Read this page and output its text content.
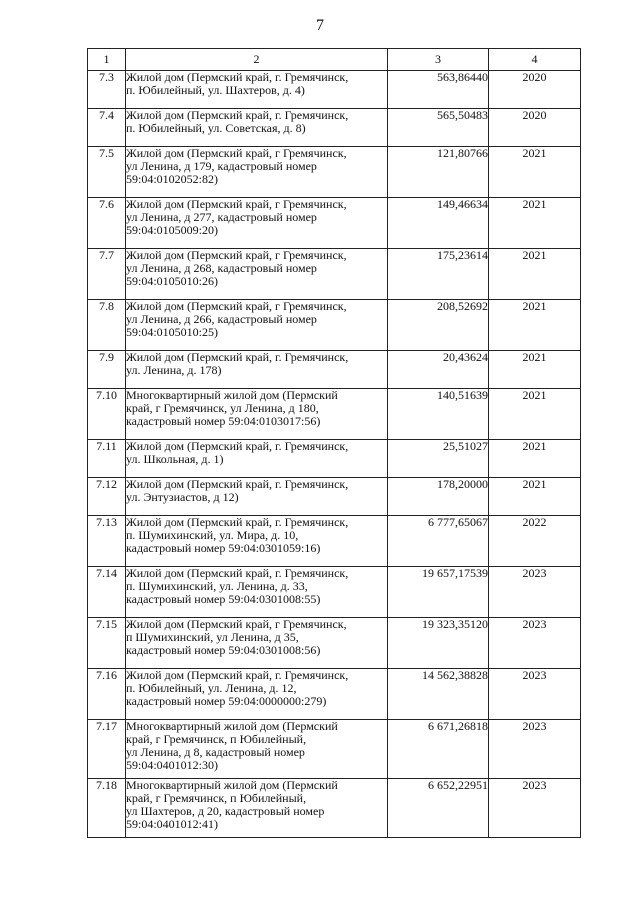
7
1	2	3	4
7.3	Жилой дом (Пермский край, г. Гремячинск,
п. Юбилейный, ул. Шахтеров, д. 4)	563,86440	2020
7.4	Жилой дом (Пермский край, г. Гремячинск,
п. Юбилейный, ул. Советская, д. 8)	565,50483	2020
7.5	Жилой дом (Пермский край, г Гремячинск,
ул Ленина, д 179, кадастровый номер
59:04:0102052:82)	121,80766	2021
7.6	Жилой дом (Пермский край, г Гремячинск,
ул Ленина, д 277, кадастровый номер
59:04:0105009:20)	149,46634	2021
7.7	Жилой дом (Пермский край, г Гремячинск,
ул Ленина, д 268, кадастровый номер
59:04:0105010:26)	175,23614	2021
7.8	Жилой дом (Пермский край, г Гремячинск,
ул Ленина, д 266, кадастровый номер
59:04:0105010:25)	208,52692	2021
7.9	Жилой дом (Пермский край, г. Гремячинск,
ул. Ленина, д. 178)	20,43624	2021
7.10	Многоквартирный жилой дом (Пермский
край, г Гремячинск, ул Ленина, д 180,
кадастровый номер 59:04:0103017:56)	140,51639	2021
7.11	Жилой дом (Пермский край, г. Гремячинск,
ул. Школьная, д. 1)	25,51027	2021
7.12	Жилой дом (Пермский край, г. Гремячинск,
ул. Энтузиастов, д 12)	178,20000	2021
7.13	Жилой дом (Пермский край, г. Гремячинск,
п. Шумихинский, ул. Мира, д. 10,
кадастровый номер 59:04:0301059:16)	6 777,65067	2022
7.14	Жилой дом (Пермский край, г. Гремячинск,
п. Шумихинский, ул. Ленина, д. 33,
кадастровый номер 59:04:0301008:55)	19 657,17539	2023
7.15	Жилой дом (Пермский край, г Гремячинск,
п Шумихинский, ул Ленина, д 35,
кадастровый номер 59:04:0301008:56)	19 323,35120	2023
7.16	Жилой дом (Пермский край, г. Гремячинск,
п. Юбилейный, ул. Ленина, д. 12,
кадастровый номер 59:04:0000000:279)	14 562,38828	2023
7.17	Многоквартирный жилой дом (Пермский
край, г Гремячинск, п Юбилейный,
ул Ленина, д 8, кадастровый номер
59:04:0401012:30)	6 671,26818	2023
7.18	Многоквартирный жилой дом (Пермский
край, г Гремячинск, п Юбилейный,
ул Шахтеров, д 20, кадастровый номер
59:04:0401012:41)	6 652,22951	2023
